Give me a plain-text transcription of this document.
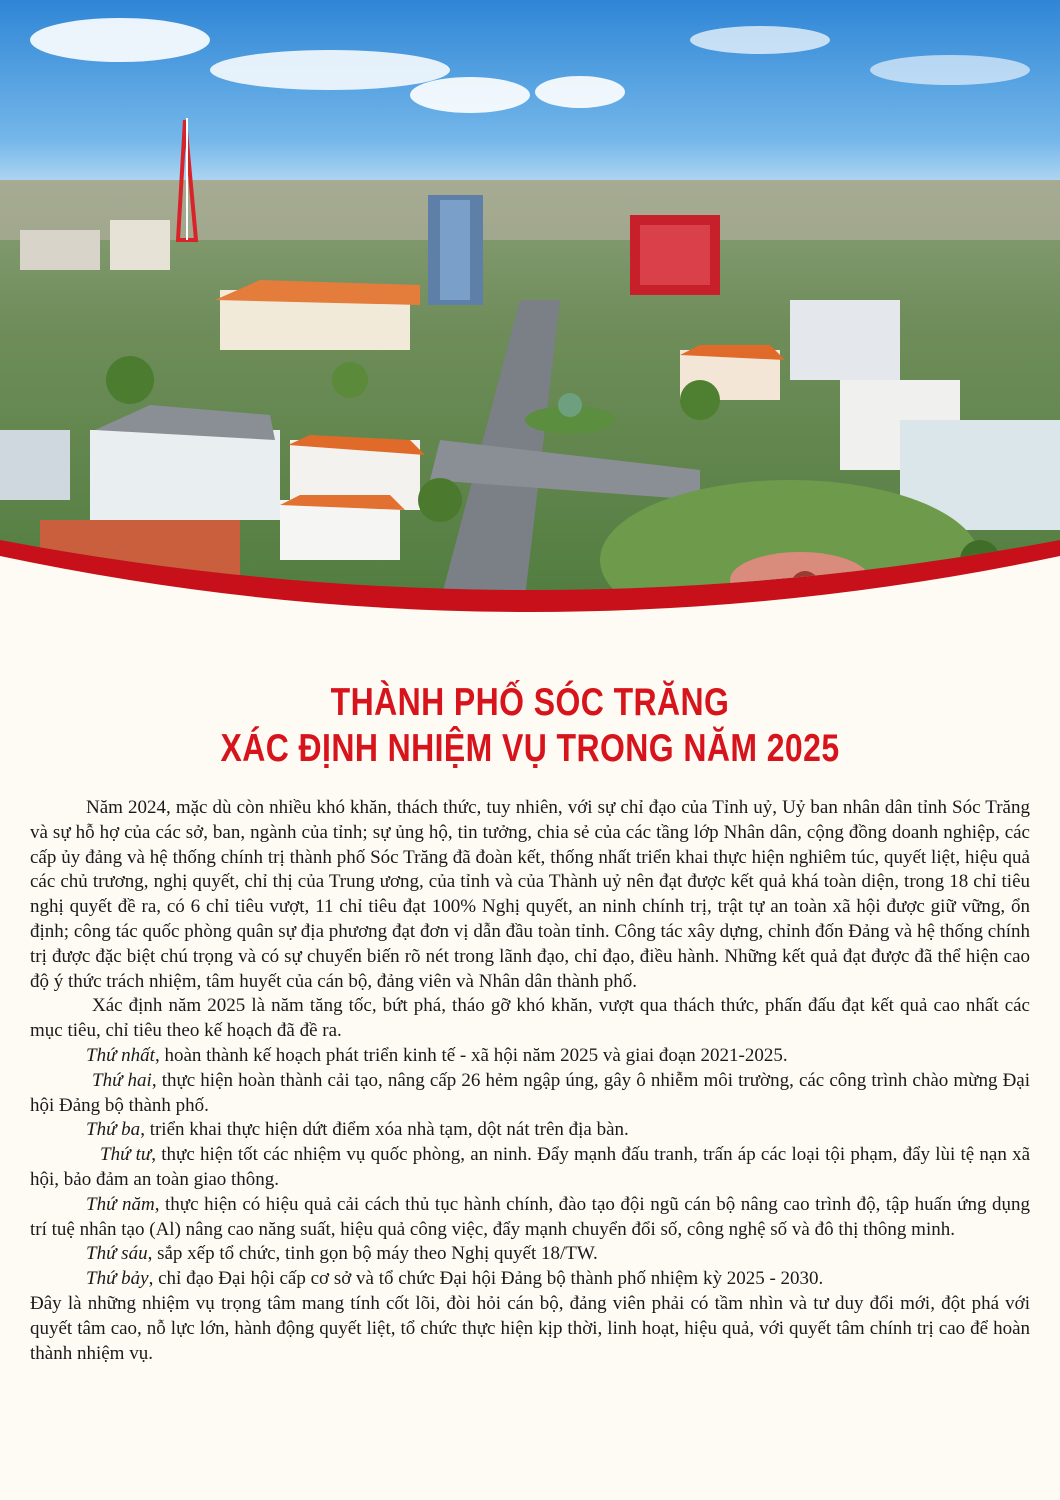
THÀNH PHỐ SÓC TRĂNG
XÁC ĐỊNH NHIỆM VỤ TRONG NĂM 2025

Năm 2024, mặc dù còn nhiều khó khăn, thách thức, tuy nhiên, với sự chỉ đạo của Tỉnh uỷ, Uỷ ban nhân dân tỉnh Sóc Trăng và sự hỗ hợ của các sở, ban, ngành của tỉnh; sự ủng hộ, tin tưởng, chia sẻ của các tầng lớp Nhân dân, cộng đồng doanh nghiệp, các cấp ủy đảng và hệ thống chính trị thành phố Sóc Trăng đã đoàn kết, thống nhất triển khai thực hiện nghiêm túc, quyết liệt, hiệu quả các chủ trương, nghị quyết, chỉ thị của Trung ương, của tỉnh và của Thành uỷ nên đạt được kết quả khá toàn diện, trong 18 chỉ tiêu nghị quyết đề ra, có 6 chỉ tiêu vượt, 11 chỉ tiêu đạt 100% Nghị quyết, an ninh chính trị, trật tự an toàn xã hội được giữ vững, ổn định; công tác quốc phòng quân sự địa phương đạt đơn vị dẫn đầu toàn tỉnh. Công tác xây dựng, chỉnh đốn Đảng và hệ thống chính trị được đặc biệt chú trọng và có sự chuyển biến rõ nét trong lãnh đạo, chỉ đạo, điều hành. Những kết quả đạt được đã thể hiện cao độ ý thức trách nhiệm, tâm huyết của cán bộ, đảng viên và Nhân dân thành phố.

Xác định năm 2025 là năm tăng tốc, bứt phá, tháo gỡ khó khăn, vượt qua thách thức, phấn đấu đạt kết quả cao nhất các mục tiêu, chỉ tiêu theo kế hoạch đã đề ra.

Thứ nhất, hoàn thành kế hoạch phát triển kinh tế - xã hội năm 2025 và giai đoạn 2021-2025.

Thứ hai, thực hiện hoàn thành cải tạo, nâng cấp 26 hẻm ngập úng, gây ô nhiễm môi trường, các công trình chào mừng Đại hội Đảng bộ thành phố.

Thứ ba, triển khai thực hiện dứt điểm xóa nhà tạm, dột nát trên địa bàn.

Thứ tư, thực hiện tốt các nhiệm vụ quốc phòng, an ninh. Đẩy mạnh đấu tranh, trấn áp các loại tội phạm, đẩy lùi tệ nạn xã hội, bảo đảm an toàn giao thông.

Thứ năm, thực hiện có hiệu quả cải cách thủ tục hành chính, đào tạo đội ngũ cán bộ nâng cao trình độ, tập huấn ứng dụng trí tuệ nhân tạo (Al) nâng cao năng suất, hiệu quả công việc, đẩy mạnh chuyển đổi số, công nghệ số và đô thị thông minh.

Thứ sáu, sắp xếp tổ chức, tinh gọn bộ máy theo Nghị quyết 18/TW.

Thứ bảy, chỉ đạo Đại hội cấp cơ sở và tổ chức Đại hội Đảng bộ thành phố nhiệm kỳ 2025 - 2030.

Đây là những nhiệm vụ trọng tâm mang tính cốt lõi, đòi hỏi cán bộ, đảng viên phải có tầm nhìn và tư duy đổi mới, đột phá với quyết tâm cao, nỗ lực lớn, hành động quyết liệt, tổ chức thực hiện kịp thời, linh hoạt, hiệu quả, với quyết tâm chính trị cao để hoàn thành nhiệm vụ.
